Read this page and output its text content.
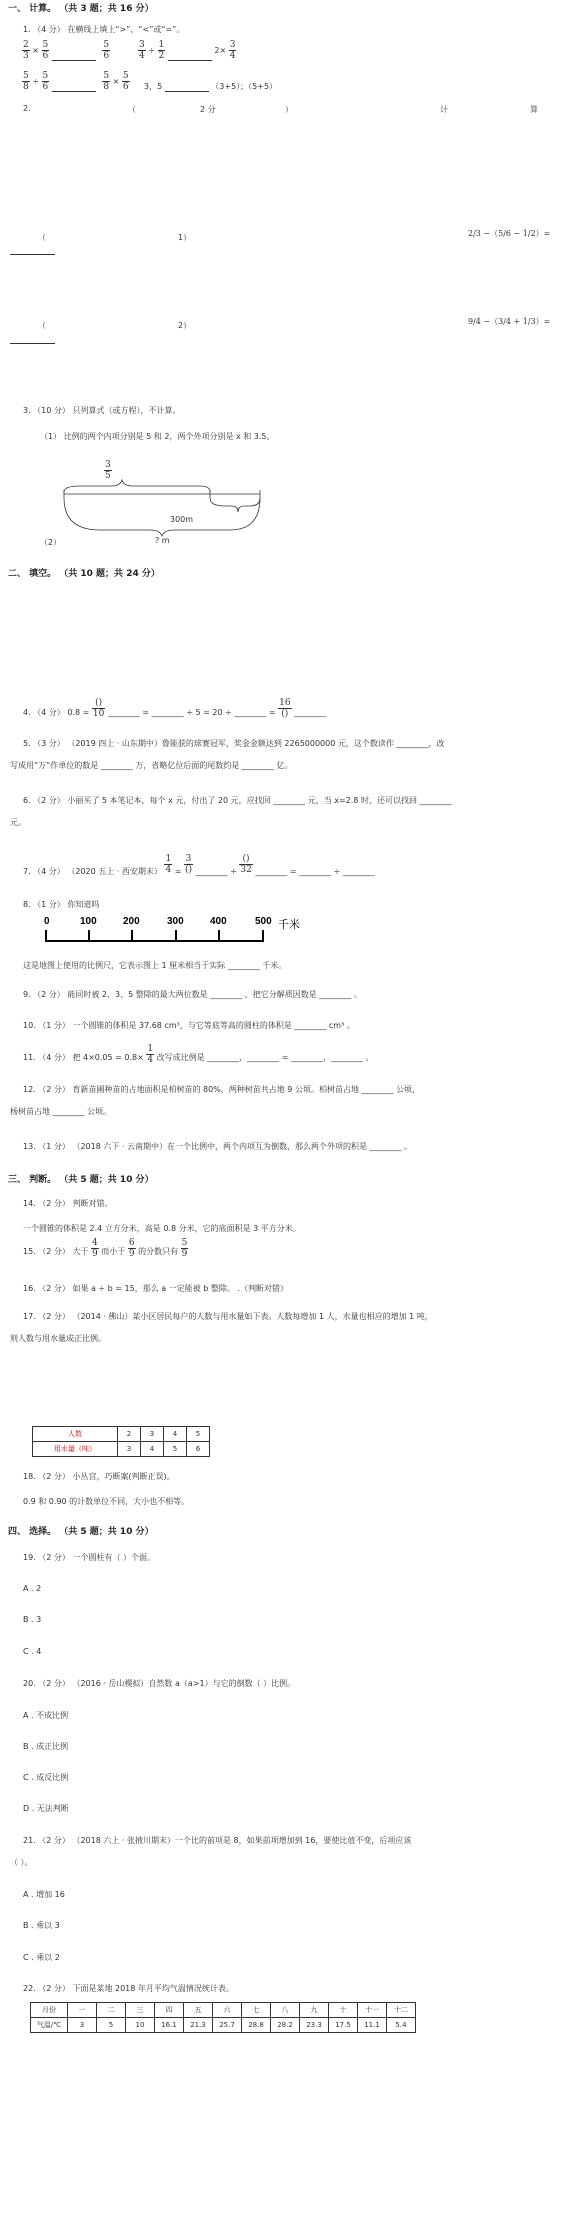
一、 计算。 （共 3 题；共 16 分）
1. （4 分） 在横线上填上“>”、“<”或“=”。
$\frac{2}{3} \times \frac{5}{6}$
	$\frac{5}{6}$	$\frac{3}{4} \div \frac{1}{2}$	$2\times \frac{3}{4}$
$\frac{5}{8} \div \frac{5}{6}$
	$\frac{5}{8} \times \frac{5}{6} 3$，5	（3+5）；（5+5）
2.	（	2 分	）	计	算
（	1）	2/3 −（5/6 − 1/2）=
（	2）	9/4 −（3/4 + 1/3）=
3. （10 分） 只列算式（或方程），不计算。
（1） 比例的两个内项分别是 5 和 2，两个外项分别是 x 和 3.5。
$\frac{3}{5}$
300m
（2）	? m
二、 填空。 （共 10 题；共 24 分）
4. （4 分） $0.8 = \frac{()}{10}$ ________ = ________ ÷ 5 = 20 ÷ ________ = $\frac{16}{()}$ ________
5. （3 分） （2019 四上 · 山东期中）鲁能获的球赛冠军，奖金金额达到 2265000000 元，这个数读作 ________，改
写成用“万”作单位的数是 ________ 万，省略亿位后面的尾数约是 ________ 亿。
6. （2 分） 小丽买了 5 本笔记本，每个 x 元，付出了 20 元，应找回 ________ 元，当 x=2.8 时，还可以找回 ________
元。
7. （4 分） （2020 五上 · 西安期末） $\frac{1}{4} = \frac{3}{()}$ ________ ÷ $\frac{()}{32}$ ________ = ________ ÷ ________
8. （1 分） 你知道吗
0	100	200	300	400	500 千米
这是地图上使用的比例尺，它表示图上 1 厘米相当于实际 ________ 千米。
9. （2 分） 能同时被 2、3、5 整除的最大两位数是 ________ ，把它分解质因数是 ________ 。
10. （1 分） 一个圆锥的体积是 37.68 cm³，与它等底等高的圆柱的体积是 ________ cm³ 。
11. （4 分） 把 $4\times 0.05 = 0.8\times \frac{1}{4}$ 改写成比例是 ________，________ = ________，________ 。
12. （2 分） 育新苗圃种苗的占地面积是柏树苗的 80%，两种树苗共占地 9 公顷。柏树苗占地 ________ 公顷，
杨树苗占地 ________ 公顷。
13. （1 分） （2018 六下 · 云南期中）在一个比例中，两个内项互为倒数，那么两个外项的积是 ________ 。
三、 判断。 （共 5 题；共 10 分）
14. （2 分） 判断对错。
一个圆锥的体积是 2.4 立方分米，高是 0.8 分米，它的底面积是 3 平方分米。
15. （2 分） 大于 $\frac{4}{9}$ 而小于 $\frac{6}{9}$ 的分数只有 $\frac{5}{9}$
16. （2 分） 如果 a ÷ b = 15，那么 a 一定能被 b 整除。 .（判断对错）
17. （2 分） （2014 · 佛山）某小区居民每户的人数与用水量如下表。人数每增加 1 人，水量也相应的增加 1 吨，
则人数与用水量成正比例。
人数	2	3	4	5
用水量（吨）	3	4	5	6
18. （2 分） 小丛宫，巧断案(判断正误)。
0.9 和 0.90 的计数单位不同，大小也不相等。
四、 选择。 （共 5 题；共 10 分）
19. （2 分） 一个圆柱有（ ）个面。
A . 2
B . 3
C . 4
20. （2 分） （2016 · 岳山模拟）自然数 a（a>1）与它的倒数（ ）比例。
A . 不成比例
B . 成正比例
C . 成反比例
D . 无法判断
21. （2 分） （2018 六上 · 张掖川期末）一个比的前项是 8，如果前项增加到 16，要使比值不变，后项应该
（ ）。
A . 增加 16
B . 乘以 3
C . 乘以 2
22. （2 分） 下面是某地 2018 年月平均气温情况统计表。
月份	一	二	三	四	五	六	七	八	九	十	十一	十二
气温/℃	3	5	10	16.1	21.3	25.7	28.8	28.2	23.3	17.5	11.1	5.4
